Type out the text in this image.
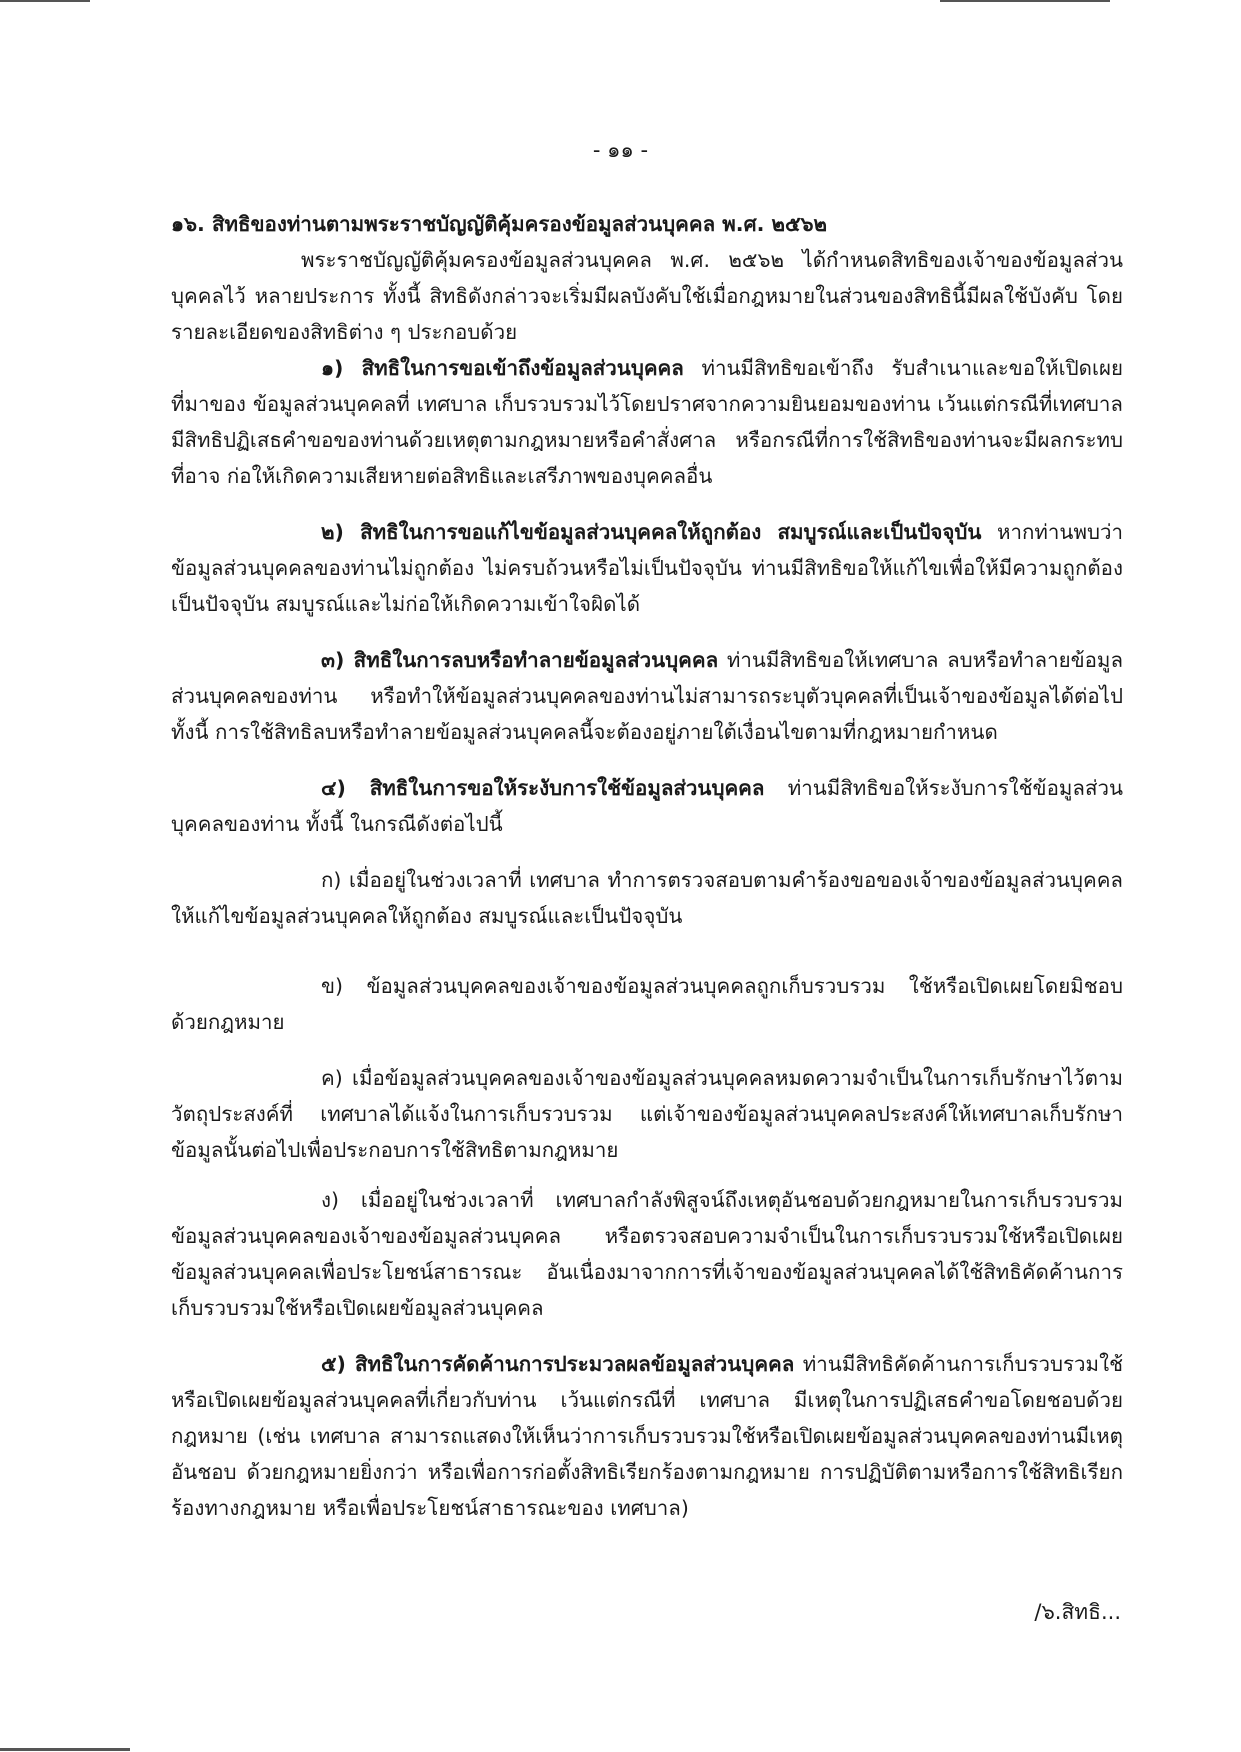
- ๑๑ -

๑๖. สิทธิของท่านตามพระราชบัญญัติคุ้มครองข้อมูลส่วนบุคคล พ.ศ. ๒๕๖๒

พระราชบัญญัติคุ้มครองข้อมูลส่วนบุคคล พ.ศ. ๒๕๖๒ ได้กำหนดสิทธิของเจ้าของข้อมูลส่วนบุคคลไว้ หลายประการ ทั้งนี้ สิทธิดังกล่าวจะเริ่มมีผลบังคับใช้เมื่อกฎหมายในส่วนของสิทธินี้มีผลใช้บังคับ โดยรายละเอียดของสิทธิต่าง ๆ ประกอบด้วย

๑) สิทธิในการขอเข้าถึงข้อมูลส่วนบุคคล ท่านมีสิทธิขอเข้าถึง รับสำเนาและขอให้เปิดเผยที่มาของ ข้อมูลส่วนบุคคลที่ เทศบาล เก็บรวบรวมไว้โดยปราศจากความยินยอมของท่าน เว้นแต่กรณีที่เทศบาลมีสิทธิปฏิเสธคำขอของท่านด้วยเหตุตามกฎหมายหรือคำสั่งศาล หรือกรณีที่การใช้สิทธิของท่านจะมีผลกระทบที่อาจ ก่อให้เกิดความเสียหายต่อสิทธิและเสรีภาพของบุคคลอื่น

๒) สิทธิในการขอแก้ไขข้อมูลส่วนบุคคลให้ถูกต้อง สมบูรณ์และเป็นปัจจุบัน หากท่านพบว่าข้อมูลส่วนบุคคลของท่านไม่ถูกต้อง ไม่ครบถ้วนหรือไม่เป็นปัจจุบัน ท่านมีสิทธิขอให้แก้ไขเพื่อให้มีความถูกต้องเป็นปัจจุบัน สมบูรณ์และไม่ก่อให้เกิดความเข้าใจผิดได้

๓) สิทธิในการลบหรือทำลายข้อมูลส่วนบุคคล ท่านมีสิทธิขอให้เทศบาล ลบหรือทำลายข้อมูล ส่วนบุคคลของท่าน หรือทำให้ข้อมูลส่วนบุคคลของท่านไม่สามารถระบุตัวบุคคลที่เป็นเจ้าของข้อมูลได้ต่อไป ทั้งนี้ การใช้สิทธิลบหรือทำลายข้อมูลส่วนบุคคลนี้จะต้องอยู่ภายใต้เงื่อนไขตามที่กฎหมายกำหนด

๔) สิทธิในการขอให้ระงับการใช้ข้อมูลส่วนบุคคล ท่านมีสิทธิขอให้ระงับการใช้ข้อมูลส่วนบุคคลของท่าน ทั้งนี้ ในกรณีดังต่อไปนี้

ก) เมื่ออยู่ในช่วงเวลาที่ เทศบาล ทำการตรวจสอบตามคำร้องขอของเจ้าของข้อมูลส่วนบุคคลให้แก้ไขข้อมูลส่วนบุคคลให้ถูกต้อง สมบูรณ์และเป็นปัจจุบัน

ข) ข้อมูลส่วนบุคคลของเจ้าของข้อมูลส่วนบุคคลถูกเก็บรวบรวม ใช้หรือเปิดเผยโดยมิชอบด้วยกฎหมาย

ค) เมื่อข้อมูลส่วนบุคคลของเจ้าของข้อมูลส่วนบุคคลหมดความจำเป็นในการเก็บรักษาไว้ตามวัตถุประสงค์ที่ เทศบาลได้แจ้งในการเก็บรวบรวม แต่เจ้าของข้อมูลส่วนบุคคลประสงค์ให้เทศบาลเก็บรักษาข้อมูลนั้นต่อไปเพื่อประกอบการใช้สิทธิตามกฎหมาย

ง) เมื่ออยู่ในช่วงเวลาที่ เทศบาลกำลังพิสูจน์ถึงเหตุอันชอบด้วยกฎหมายในการเก็บรวบรวมข้อมูลส่วนบุคคลของเจ้าของข้อมูลส่วนบุคคล หรือตรวจสอบความจำเป็นในการเก็บรวบรวมใช้หรือเปิดเผยข้อมูลส่วนบุคคลเพื่อประโยชน์สาธารณะ อันเนื่องมาจากการที่เจ้าของข้อมูลส่วนบุคคลได้ใช้สิทธิคัดค้านการเก็บรวบรวมใช้หรือเปิดเผยข้อมูลส่วนบุคคล

๕) สิทธิในการคัดค้านการประมวลผลข้อมูลส่วนบุคคล ท่านมีสิทธิคัดค้านการเก็บรวบรวมใช้หรือเปิดเผยข้อมูลส่วนบุคคลที่เกี่ยวกับท่าน เว้นแต่กรณีที่ เทศบาล มีเหตุในการปฏิเสธคำขอโดยชอบด้วยกฎหมาย (เช่น เทศบาล สามารถแสดงให้เห็นว่าการเก็บรวบรวมใช้หรือเปิดเผยข้อมูลส่วนบุคคลของท่านมีเหตุอันชอบ ด้วยกฎหมายยิ่งกว่า หรือเพื่อการก่อตั้งสิทธิเรียกร้องตามกฎหมาย การปฏิบัติตามหรือการใช้สิทธิเรียกร้องทางกฎหมาย หรือเพื่อประโยชน์สาธารณะของ เทศบาล)

/๖.สิทธิ...
